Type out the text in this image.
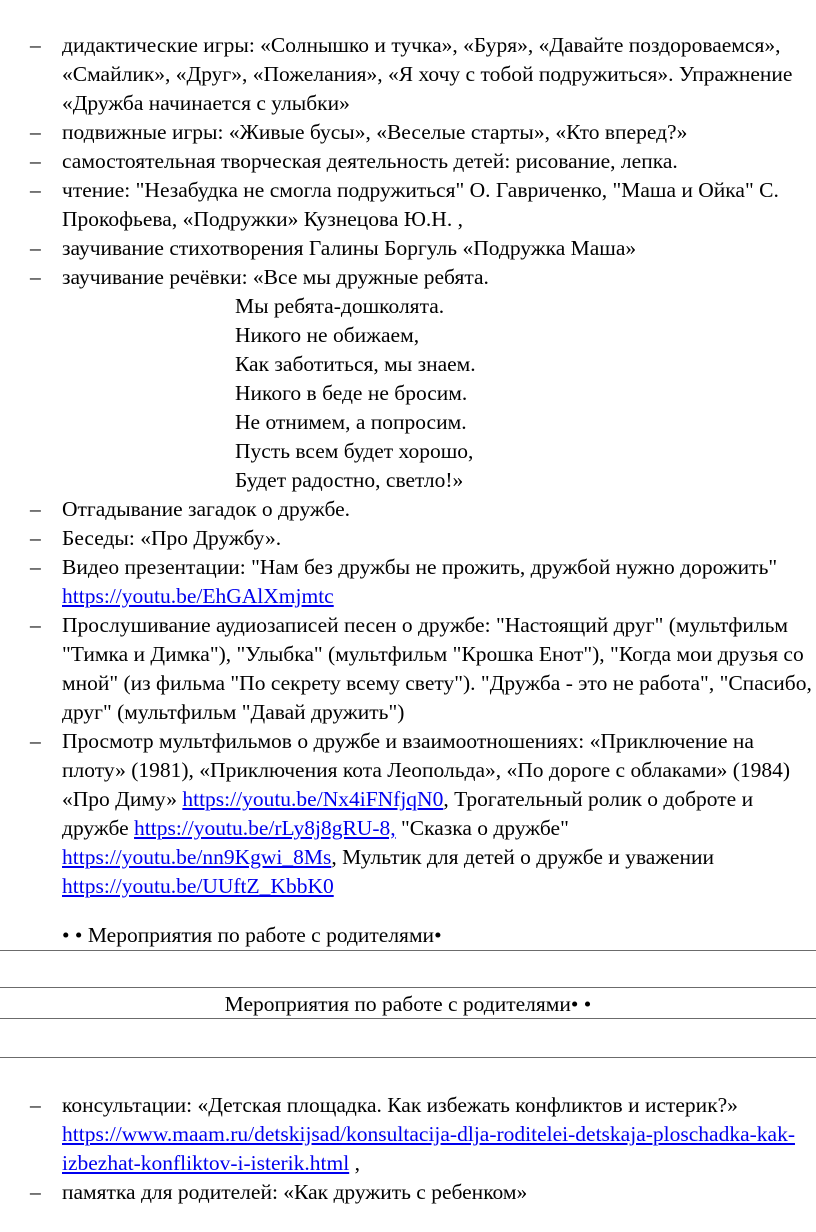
– дидактические игры: «Солнышко и тучка», «Буря», «Давайте поздороваемся», «Смайлик», «Друг», «Пожелания», «Я хочу с тобой подружиться». Упражнение «Дружба начинается с улыбки»
– подвижные игры: «Живые бусы», «Веселые старты», «Кто вперед?»
– самостоятельная творческая деятельность детей: рисование, лепка.
– чтение: "Незабудка не смогла подружиться" О. Гавриченко, "Маша и Ойка" С. Прокофьева, «Подружки» Кузнецова Ю.Н. ,
– заучивание стихотворения Галины Боргуль «Подружка Маша»
– заучивание речёвки: «Все мы дружные ребята.
Мы ребята-дошколята.
Никого не обижаем,
Как заботиться, мы знаем.
Никого в беде не бросим.
Не отнимем, а попросим.
Пусть всем будет хорошо,
Будет радостно, светло!»
– Отгадывание загадок о дружбе.
– Беседы: «Про Дружбу».
– Видео презентации: "Нам без дружбы не прожить, дружбой нужно дорожить" https://youtu.be/EhGAlXmjmtc
– Прослушивание аудиозаписей песен о дружбе: "Настоящий друг" (мультфильм "Тимка и Димка"), "Улыбка" (мультфильм "Крошка Енот"), "Когда мои друзья со мной" (из фильма "По секрету всему свету"). "Дружба - это не работа", "Спасибо, друг" (мультфильм "Давай дружить")
– Просмотр мультфильмов о дружбе и взаимоотношениях: «Приключение на плоту» (1981), «Приключения кота Леопольда», «По дороге с облаками» (1984) «Про Диму» https://youtu.be/Nx4iFNfjqN0, Трогательный ролик о доброте и дружбе https://youtu.be/rLy8j8gRU-8, "Сказка о дружбе" https://youtu.be/nn9Kgwi_8Ms, Мультик для детей о дружбе и уважении https://youtu.be/UUftZ_KbbK0
• • Мероприятия по работе с родителями•
Мероприятия по работе с родителями• •
– консультации: «Детская площадка. Как избежать конфликтов и истерик?» https://www.maam.ru/detskijsad/konsultacija-dlja-roditelei-detskaja-ploschadka-kak-izbezhat-konfliktov-i-isterik.html ,
– памятка для родителей: «Как дружить с ребенком»
